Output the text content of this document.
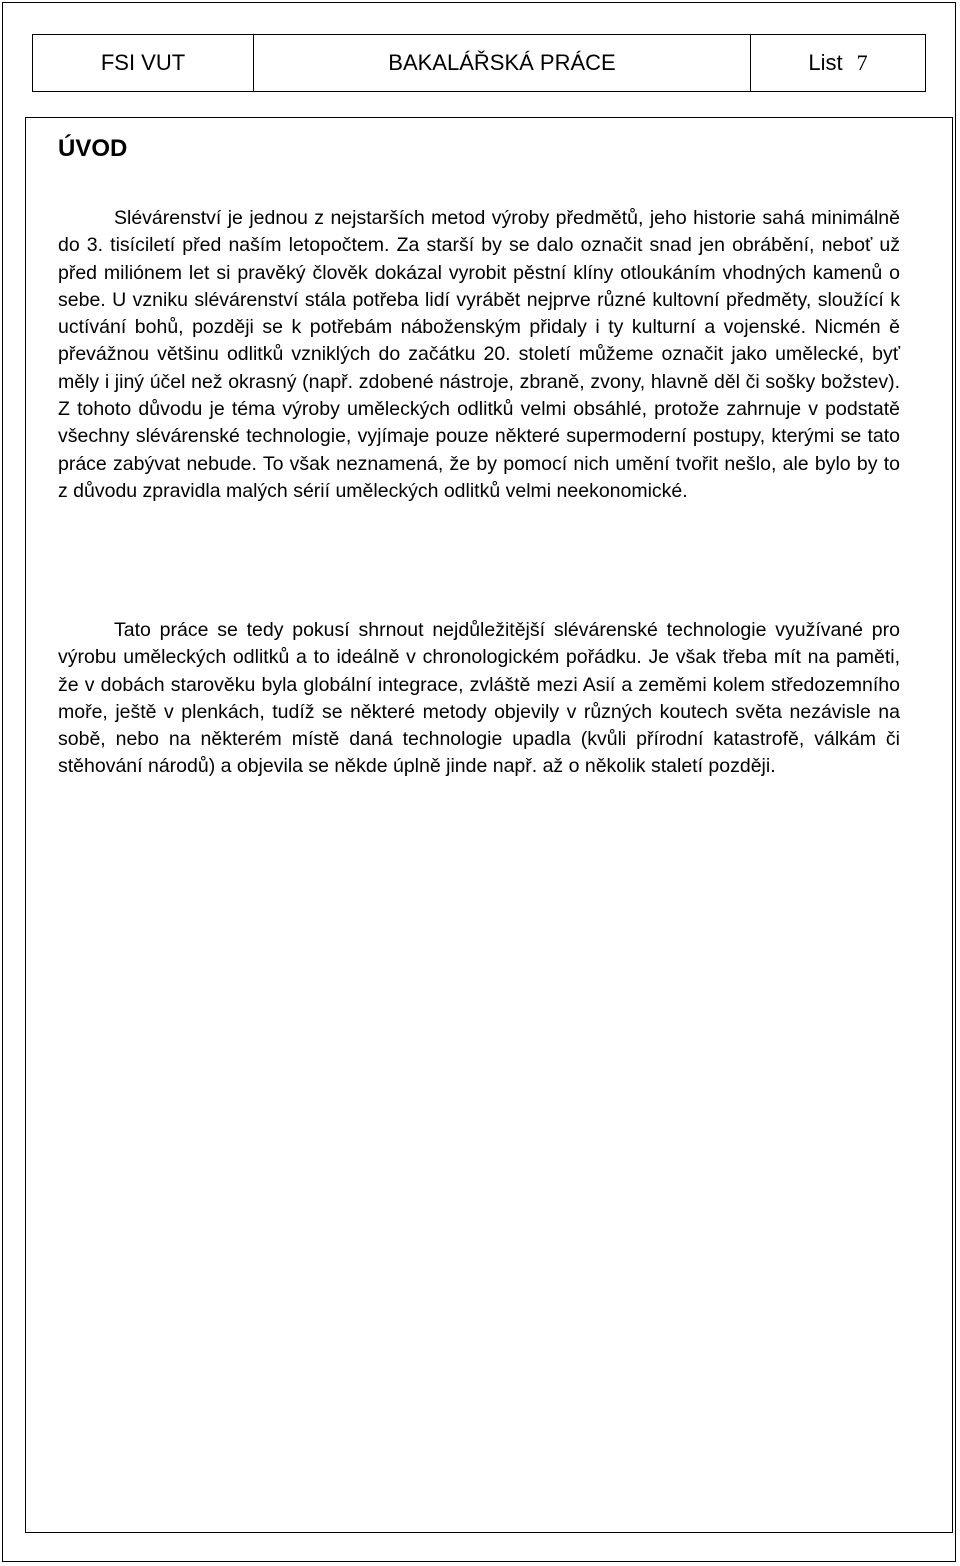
FSI VUT	BAKALÁŘSKÁ PRÁCE	List 7
ÚVOD

Slévárenství je jednou z nejstarších metod výroby předmětů, jeho historie sahá minimálně do 3. tisíciletí před naším letopočtem. Za starší by se dalo označit snad jen obrábění, neboť už před miliónem let si pravěký člověk dokázal vyrobit pěstní klíny otloukáním vhodných kamenů o sebe. U vzniku slévárenství stála potřeba lidí vyrábět nejprve různé kultovní předměty, sloužící k uctívání bohů, později se k potřebám náboženským přidaly i ty kulturní a vojenské. Nicmén ě převážnou většinu odlitků vzniklých do začátku 20. století můžeme označit jako umělecké, byť měly i jiný účel než okrasný (např. zdobené nástroje, zbraně, zvony, hlavně děl či sošky božstev). Z tohoto důvodu je téma výroby uměleckých odlitků velmi obsáhlé, protože zahrnuje v podstatě všechny slévárenské technologie, vyjímaje pouze některé supermoderní postupy, kterými se tato práce zabývat nebude. To však neznamená, že by pomocí nich umění tvořit nešlo, ale bylo by to z důvodu zpravidla malých sérií uměleckých odlitků velmi neekonomické.

Tato práce se tedy pokusí shrnout nejdůležitější slévárenské technologie využívané pro výrobu uměleckých odlitků a to ideálně v chronologickém pořádku. Je však třeba mít na paměti, že v dobách starověku byla globální integrace, zvláště mezi Asií a zeměmi kolem středozemního moře, ještě v plenkách, tudíž se některé metody objevily v různých koutech světa nezávisle na sobě, nebo na některém místě daná technologie upadla (kvůli přírodní katastrofě, válkám či stěhování národů) a objevila se někde úplně jinde např. až o několik staletí později.
